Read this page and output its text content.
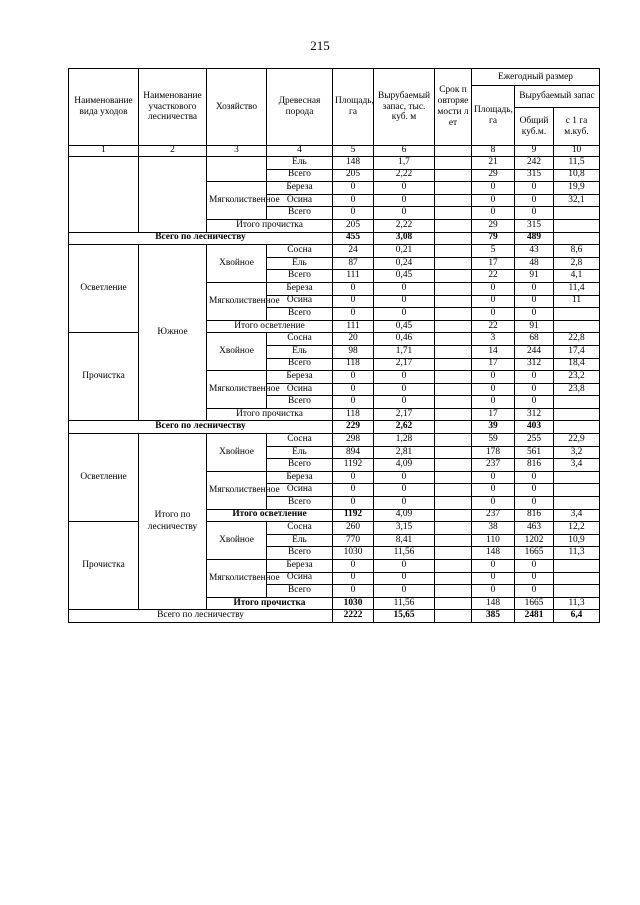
215
Наименование вида уходов	Наименование участкового лесничества	Хозяйство	Древесная порода	Площадь, га	Вырубаемый запас, тыс. куб. м	Срок повторяемости лет	Ежегодный размер		
							Площадь, га	Вырубаемый запас	
								Общий куб.м.	с 1 га м.куб.
1	2	3	4	5	6		8	9	10
			Ель	148	1,7		21	242	11,5
			Всего	205	2,22		29	315	10,8
		Мягколиственное	Береза	0	0		0	0	19,9
			Осина	0	0		0	0	32,1
			Всего	0	0		0	0	
		Итого прочистка		205	2,22		29	315	
Всего по лесничеству				455	3,08		79	489	
Осветление	Южное	Хвойное	Сосна	24	0,21		5	43	8,6
			Ель	87	0,24		17	48	2,8
			Всего	111	0,45		22	91	4,1
		Мягколиственное	Береза	0	0		0	0	11,4
			Осина	0	0		0	0	11
			Всего	0	0		0	0	
		Итого осветление		111	0,45		22	91	
Прочистка		Хвойное	Сосна	20	0,46		3	68	22,8
			Ель	98	1,71		14	244	17,4
			Всего	118	2,17		17	312	18,4
		Мягколиственное	Береза	0	0		0	0	23,2
			Осина	0	0		0	0	23,8
			Всего	0	0		0	0	
		Итого прочистка		118	2,17		17	312	
Всего по лесничеству				229	2,62		39	403	
Осветление	Итого по лесничеству	Хвойное	Сосна	298	1,28		59	255	22,9
			Ель	894	2,81		178	561	3,2
			Всего	1192	4,09		237	816	3,4
		Мягколиственное	Береза	0	0		0	0	
			Осина	0	0		0	0	
			Всего	0	0		0	0	
		Итого осветление		1192	4,09		237	816	3,4
Прочистка		Хвойное	Сосна	260	3,15		38	463	12,2
			Ель	770	8,41		110	1202	10,9
			Всего	1030	11,56		148	1665	11,3
		Мягколиственное	Береза	0	0		0	0	
			Осина	0	0		0	0	
			Всего	0	0		0	0	
		Итого прочистка		1030	11,56		148	1665	11,3
Всего по лесничеству				2222	15,65		385	2481	6,4
